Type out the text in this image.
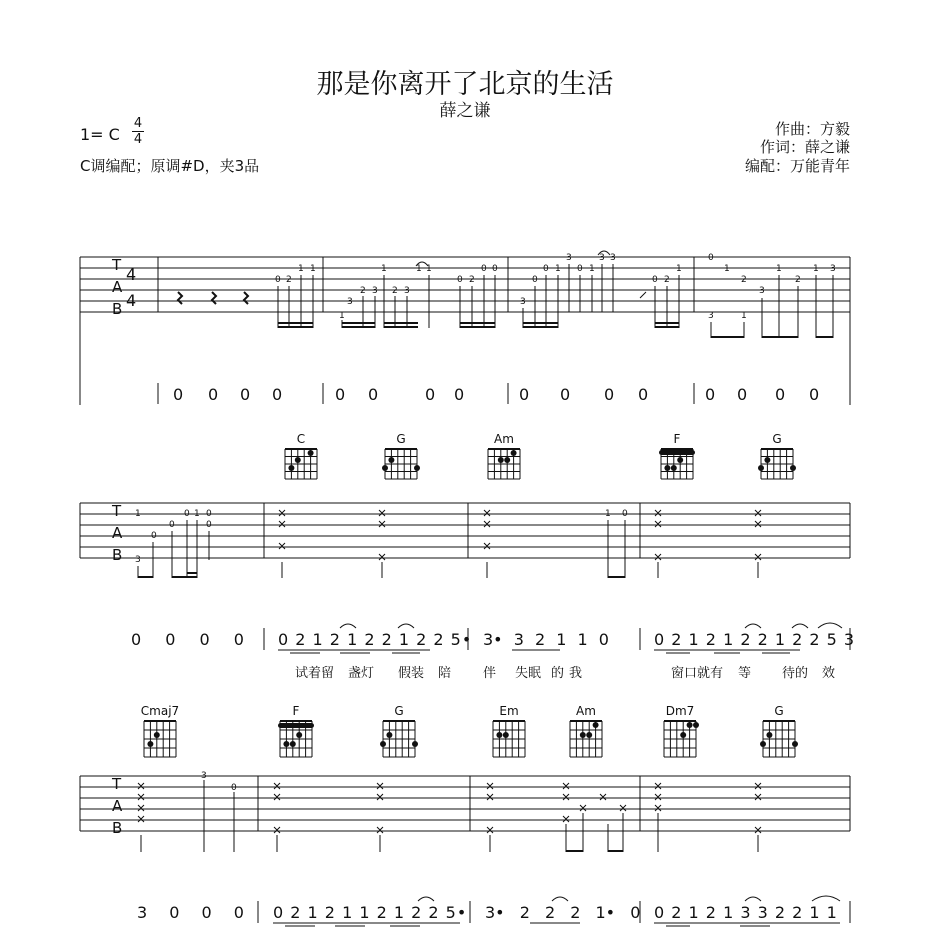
那是你离开了北京的生活
薛之谦
1= C
4
4
C调编配；原调#D，夹3品
作曲：方毅
作词：薛之谦
编配：万能青年
C	G	Am	F	G
Cmaj7	F	G	Em	Am	Dm7	G
T
A
B
4
4
0 2
1 1
1
3
2 3
1
2 3
1 1
0 2
0 0
3
0
0 1
3
0 1
3 3
0 2
1
0
1
2
3
1
2
1 3
3	1
0 0 0 0	0 0	0 0	0 0 0 0	0 0 0 0
T
A
B
1
0
3
0
0 1 0
0
1 0
0 0 0 0 0 2 1 2 1 2 2 1 2 2 5• 3• 3 2 1 1 0	0 2 1 2 1 2 2 1 2 2 5 3
试着留 盏灯 假装 陪 伴 失眠 的 我	窗口就有 等 待的 效
T
A
B
3
0
3 0 0 0 0 2 1 2 1 1 2 1 2 2 5• 3• 2 2 2 1• 0 0 2 1 2 1 3 3 2 2 1 1
